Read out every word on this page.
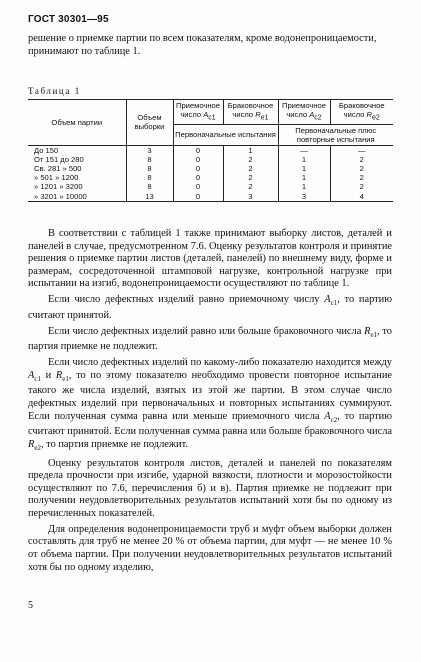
ГОСТ 30301—95
решение о приемке партии по всем показателям, кроме водонепроницаемости, принимают по таблице 1.
Таблица 1
Объем партии	Объем выборки	Приемочное число $A_{c1}$	Браковочное число $R_{e1}$	Приемочное число $A_{c2}$	Браковочное число $R_{e2}$
		Первоначальные испытания		Первоначальные плюс повторные испытания	
До 150	3	0	1	—	—
От 151 до 280	8	0	2	1	2
Св. 281 » 500	8	0	2	1	2
» 501 » 1200	8	0	2	1	2
» 1201 » 3200	8	0	2	1	2
» 3201 » 10000	13	0	3	3	4

В соответствии с таблицей 1 также принимают выборку листов, деталей и панелей в случае, предусмотренном 7.6. Оценку результатов контроля и принятие решения о приемке партии листов (деталей, панелей) по внешнему виду, форме и размерам, сосредоточенной штамповой нагрузке, контрольной нагрузке при испытании на изгиб, водонепроницаемости осуществляют по таблице 1.

Если число дефектных изделий равно приемочному числу $A_{c1}$, то партию считают принятой.

Если число дефектных изделий равно или больше браковочного числа $R_{e1}$, то партия приемке не подлежит.

Если число дефектных изделий по какому-либо показателю находится между $A_{c1}$ и $R_{e1}$, то по этому показателю необходимо провести повторное испытание такого же числа изделий, взятых из этой же партии. В этом случае число дефектных изделий при первоначальных и повторных испытаниях суммируют. Если полученная сумма равна или меньше приемочного числа $A_{c2}$, то партию считают принятой. Если полученная сумма равна или больше браковочного числа $R_{e2}$, то партия приемке не подлежит.

Оценку результатов контроля листов, деталей и панелей по показателям предела прочности при изгибе, ударной вязкости, плотности и морозостойкости осуществляют по 7.6, перечисления б) и в). Партия приемке не подлежит при получении неудовлетворительных результатов испытаний хотя бы по одному из перечисленных показателей.

Для определения водонепроницаемости труб и муфт объем выборки должен составлять для труб не менее 20 % от объема партии, для муфт — не менее 10 % от объема партии. При получении неудовлетворительных результатов испытаний хотя бы по одному изделию,

5
